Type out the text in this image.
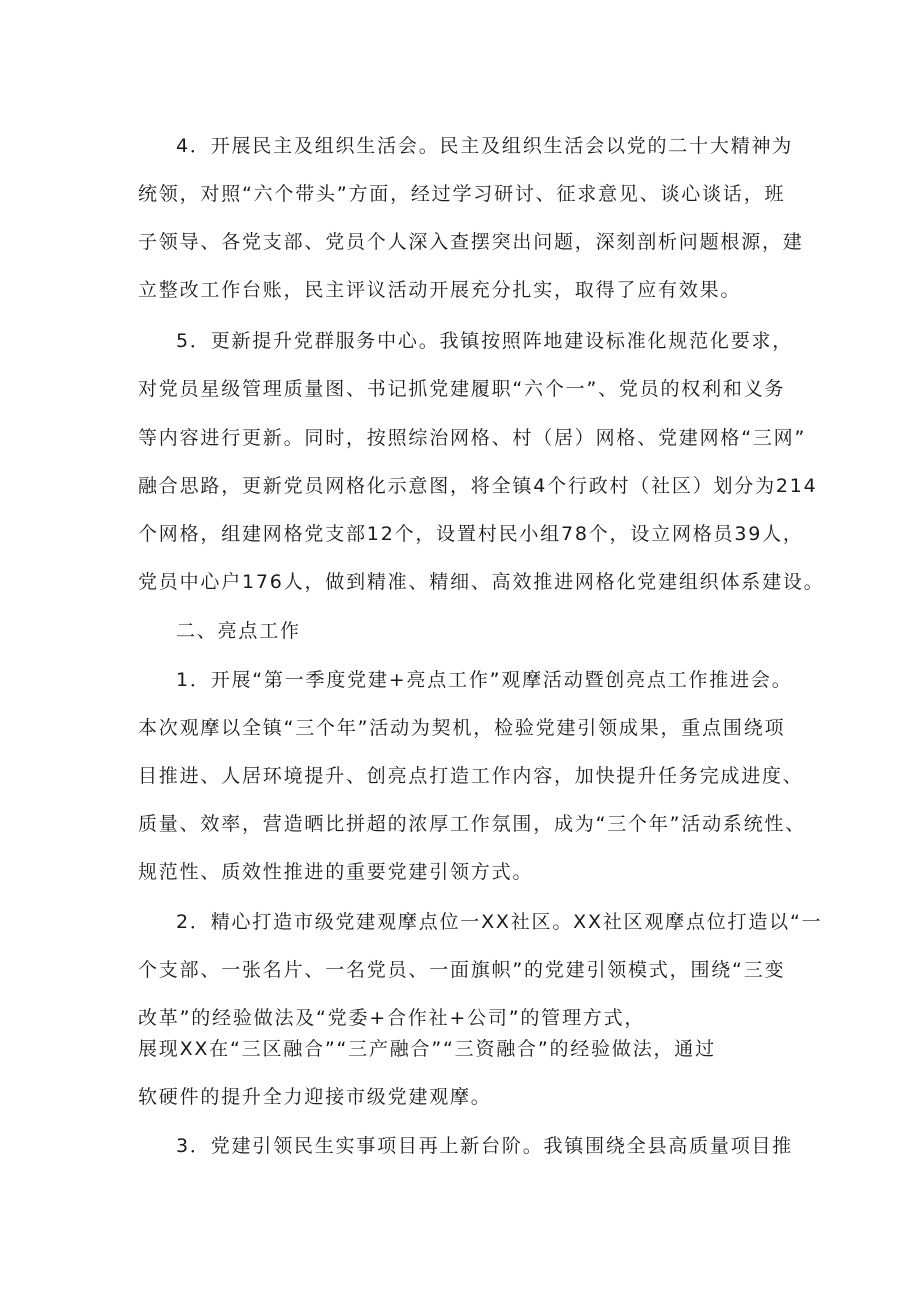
4．开展民主及组织生活会。民主及组织生活会以党的二十大精神为
统领，对照“六个带头”方面，经过学习研讨、征求意见、谈心谈话，班
子领导、各党支部、党员个人深入查摆突出问题，深刻剖析问题根源，建
立整改工作台账，民主评议活动开展充分扎实，取得了应有效果。
5．更新提升党群服务中心。我镇按照阵地建设标准化规范化要求，
对党员星级管理质量图、书记抓党建履职“六个一”、党员的权利和义务
等内容进行更新。同时，按照综治网格、村（居）网格、党建网格“三网”
融合思路，更新党员网格化示意图，将全镇4个行政村（社区）划分为214
个网格，组建网格党支部12个，设置村民小组78个，设立网格员39人，
党员中心户176人，做到精准、精细、高效推进网格化党建组织体系建设。
二、亮点工作
1．开展“第一季度党建+亮点工作”观摩活动暨创亮点工作推进会。
本次观摩以全镇“三个年”活动为契机，检验党建引领成果，重点围绕项
目推进、人居环境提升、创亮点打造工作内容，加快提升任务完成进度、
质量、效率，营造晒比拼超的浓厚工作氛围，成为“三个年”活动系统性、
规范性、质效性推进的重要党建引领方式。
2．精心打造市级党建观摩点位一XX社区。XX社区观摩点位打造以“一
个支部、一张名片、一名党员、一面旗帜”的党建引领模式，围绕“三变
改革”的经验做法及“党委+合作社+公司”的管理方式，
展现XX在“三区融合”“三产融合”“三资融合”的经验做法，通过
软硬件的提升全力迎接市级党建观摩。
3．党建引领民生实事项目再上新台阶。我镇围绕全县高质量项目推
